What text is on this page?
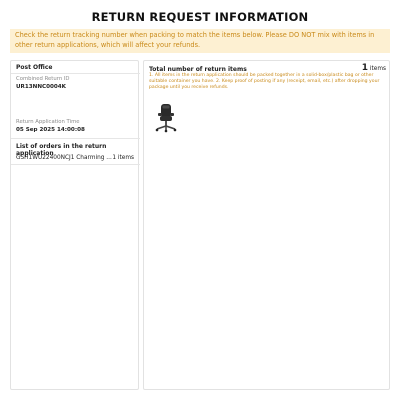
RETURN REQUEST INFORMATION
Check the return tracking number when packing to match the items below. Please DO NOT mix with items in other return applications, which will affect your refunds.
Post Office
Combined Return ID
UR13NNC0004K
Return Application Time
05 Sep 2025 14:00:08
List of orders in the return application
GSH1WU22400NCJ1 Charming ... 1 items
Total number of return items	1 items
1. All items in the return application should be packed together in a solid-box/plastic bag or other suitable container you have. 2. Keep proof of posting if any (receipt, email, etc.) after dropping your package until you receive refunds.
